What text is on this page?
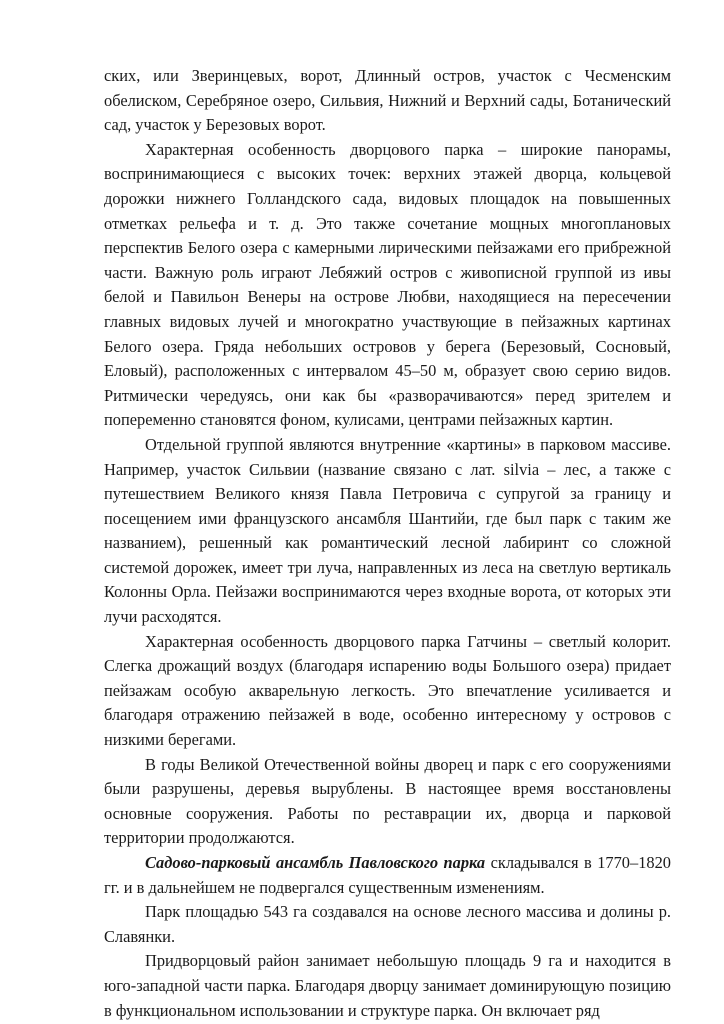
ских, или Зверинцевых, ворот, Длинный остров, участок с Чесменским обелиском, Серебряное озеро, Сильвия, Нижний и Верхний сады, Ботанический сад, участок у Березовых ворот.

Характерная особенность дворцового парка – широкие панорамы, воспринимающиеся с высоких точек: верхних этажей дворца, кольцевой дорожки нижнего Голландского сада, видовых площадок на повышенных отметках рельефа и т. д. Это также сочетание мощных многоплановых перспектив Белого озера с камерными лирическими пейзажами его прибрежной части. Важную роль играют Лебяжий остров с живописной группой из ивы белой и Павильон Венеры на острове Любви, находящиеся на пересечении главных видовых лучей и многократно участвующие в пейзажных картинах Белого озера. Гряда небольших островов у берега (Березовый, Сосновый, Еловый), расположенных с интервалом 45–50 м, образует свою серию видов. Ритмически чередуясь, они как бы «разворачиваются» перед зрителем и попеременно становятся фоном, кулисами, центрами пейзажных картин.

Отдельной группой являются внутренние «картины» в парковом массиве. Например, участок Сильвии (название связано с лат. silvia – лес, а также с путешествием Великого князя Павла Петровича с супругой за границу и посещением ими французского ансамбля Шантийи, где был парк с таким же названием), решенный как романтический лесной лабиринт со сложной системой дорожек, имеет три луча, направленных из леса на светлую вертикаль Колонны Орла. Пейзажи воспринимаются через входные ворота, от которых эти лучи расходятся.

Характерная особенность дворцового парка Гатчины – светлый колорит. Слегка дрожащий воздух (благодаря испарению воды Большого озера) придает пейзажам особую акварельную легкость. Это впечатление усиливается и благодаря отражению пейзажей в воде, особенно интересному у островов с низкими берегами.

В годы Великой Отечественной войны дворец и парк с его сооружениями были разрушены, деревья вырублены. В настоящее время восстановлены основные сооружения. Работы по реставрации их, дворца и парковой территории продолжаются.

Садово-парковый ансамбль Павловского парка складывался в 1770–1820 гг. и в дальнейшем не подвергался существенным изменениям.

Парк площадью 543 га создавался на основе лесного массива и долины р. Славянки.

Придворцовый район занимает небольшую площадь 9 га и находится в юго-западной части парка. Благодаря дворцу занимает доминирующую позицию в функциональном использовании и структуре парка. Он включает ряд
